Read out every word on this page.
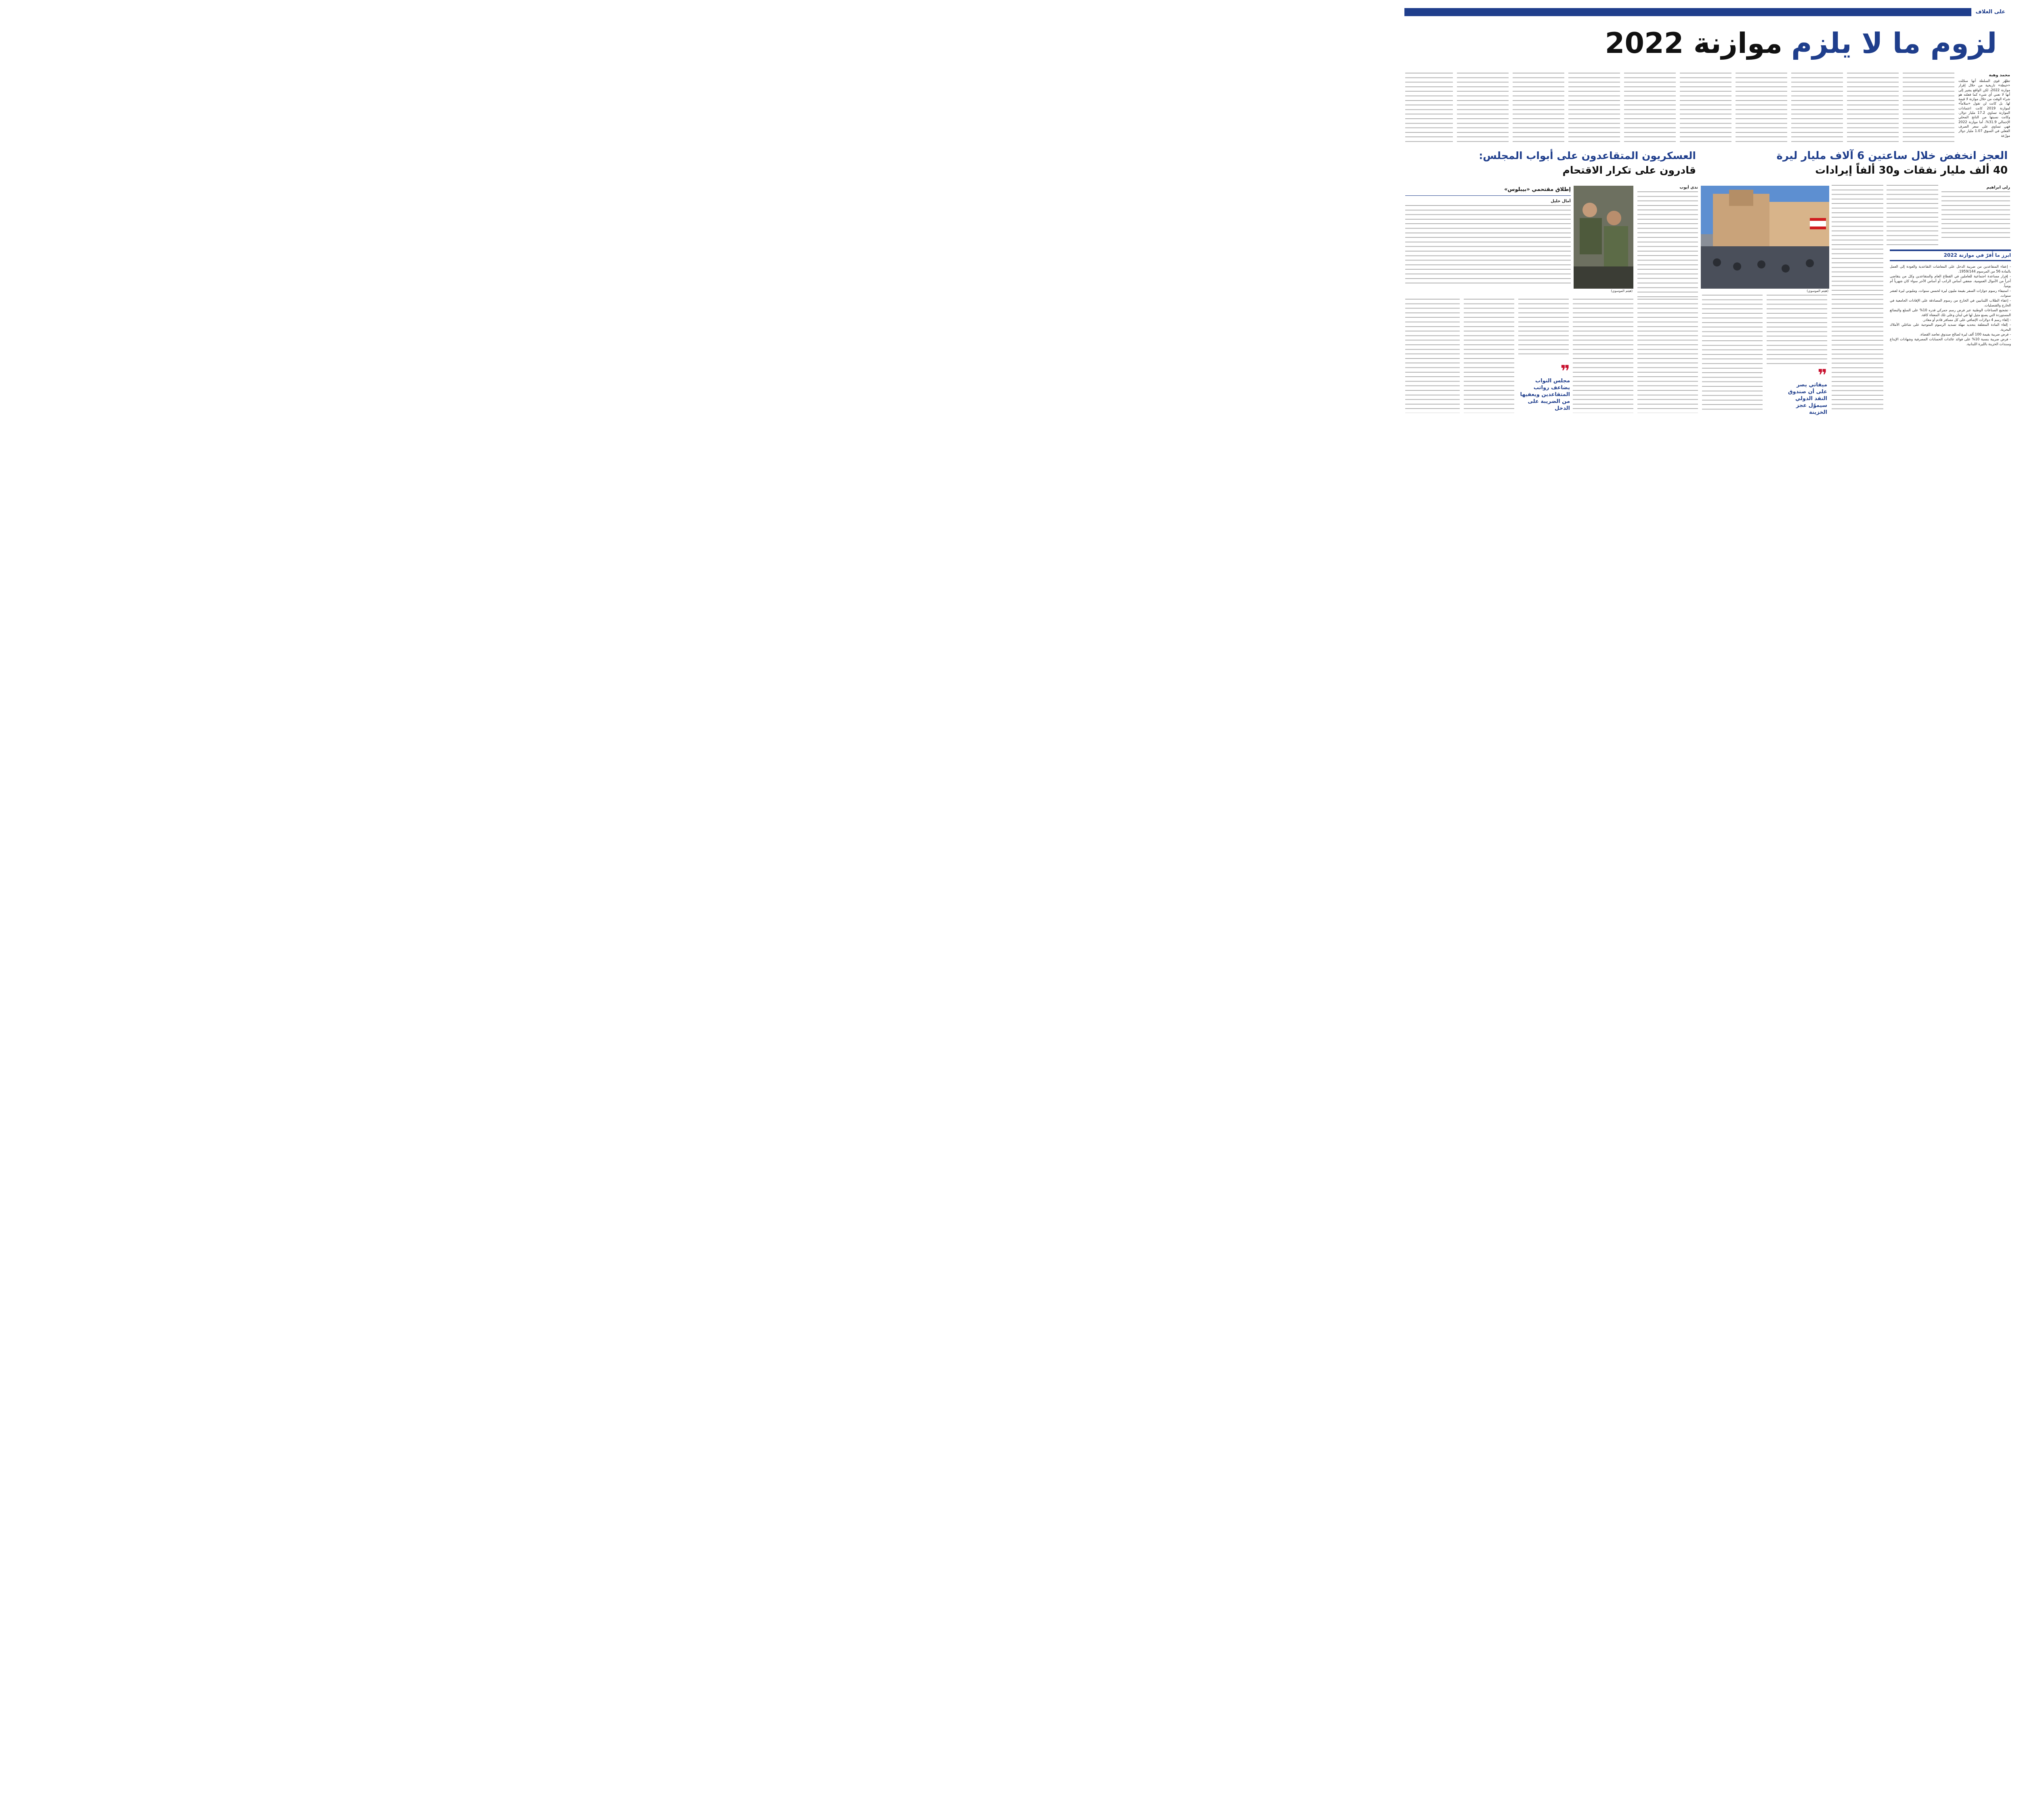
على الغلاف
لزوم ما لا يلزم
موازنة 2022
محمد وهبة
تظهّر قوى السلطة أنها سجّلت «خبطة» تاريخية من خلال إقرار موازنة 2022، لكن الواقع يشير إلى أنها لا تعني أي شيء كما فعلته هو شراء الوقت من خلال موازنة لا قيمة لها. بل كانت لن تقول «سلاماً» لموازنة 2019 كانت اعتمادات الموازنة تساوي 17.2 مليار دولار، وكانت نسبتها من الناتج المحلي الإجمالي 31.9%، أما موازنة 2022 فهي تساوي على سعر الصرف الفعلي في السوق 1.07 مليار دولار موزّعة
العجز انخفض خلال ساعتين 6 آلاف مليار ليرة
40 ألف مليار نفقات و30 ألفاً إيرادات
العسكريون المتقاعدون على أبواب المجلس:
قادرون على تكرار الاقتحام
رلى ابراهيم
(هيثم الموسوي)
ابرز ما أُقرّ في موازنة 2022
- إعفاء المتقاعدين من ضريبة الدخل على المعاشات التقاعدية والعودة إلى العمل بالمادة 56 من المرسوم 1959/144.
- إقرار مساعدة اجتماعية للعاملين في القطاع العام والمتقاعدين وكل من يتقاضى أجراً من الأموال العمومية. ضعفي أساس الراتب أو أساس الأجر سواء كان شهرياً أم يومياً.
- استيفاء رسوم جوازات السفر بقيمة مليون ليرة لخمس سنوات، ومليوني ليرة لعشر سنوات.
- إعفاء الطلاب اللبنانيين في الخارج من رسوم المصادقة على الإفادات الجامعية في الخارج والقنصليات.
- تشجيع الصناعات الوطنية عبر فرض رسم جمركي قدره 10% على السلع والبضائع المستوردة التي يصنع مثيل لها في لبنان وعلى تلك المعفاة كافة.
- إلغاء رسم 4 دولارات الإضافي على كل مسافر قادم أو مغادر.
- إلغاء المادة المتعلقة بتحديد مهلة تسديد الرسوم المتوجبة على شاغلي الأملاك البحرية.
- فرض ضريبة بقيمة 100 ألف ليرة لصالح صندوق تعاضد القضاة.
- فرض ضريبة بنسبة 10% على فوائد عائدات الحسابات المصرفية وشهادات الإيداع وسندات الخزينة بالليرة اللبنانية.
❞
ميقاتي يصر على أن صندوق النقد الدولي سيموّل عجز الخزينة
ندى أيوب
(هيثم الموسوي)
إطلاق مقتحمي «بيبلوس»
أمال خليل
❞
مجلس النواب يضاعف رواتب المتقاعدين ويعفيها من الضريبة على الدخل
